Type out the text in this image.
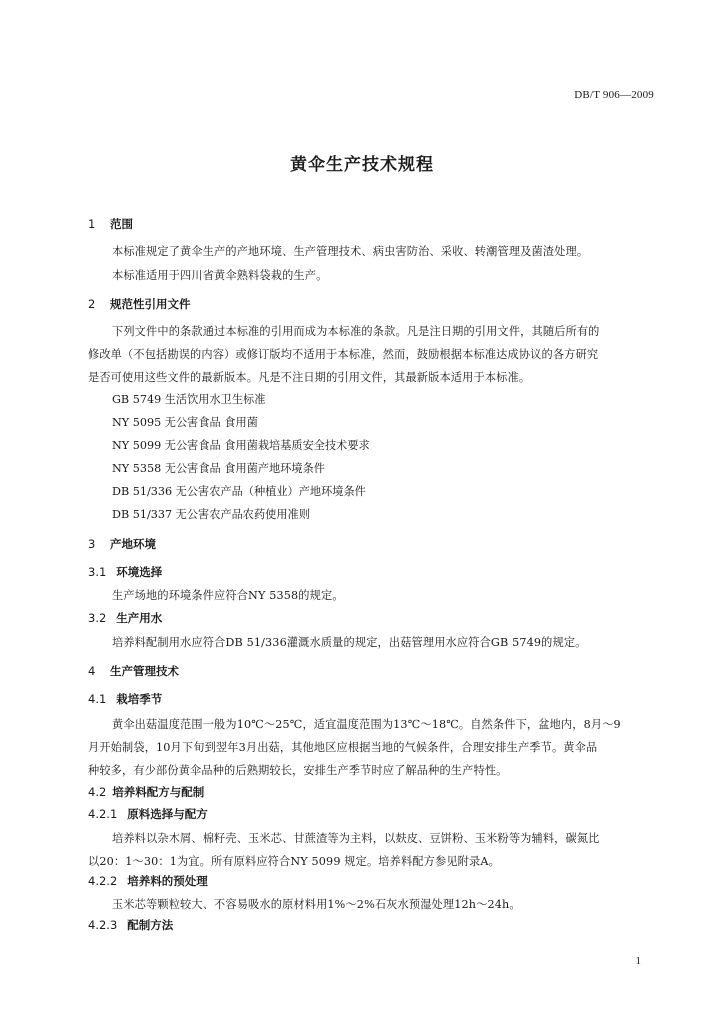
DB/T 906—2009
黄伞生产技术规程
1 范围
本标准规定了黄伞生产的产地环境、生产管理技术、病虫害防治、采收、转潮管理及菌渣处理。
本标准适用于四川省黄伞熟料袋栽的生产。
2 规范性引用文件
下列文件中的条款通过本标准的引用而成为本标准的条款。凡是注日期的引用文件，其随后所有的
修改单（不包括勘误的内容）或修订版均不适用于本标准，然而，鼓励根据本标准达成协议的各方研究
是否可使用这些文件的最新版本。凡是不注日期的引用文件，其最新版本适用于本标准。
GB 5749 生活饮用水卫生标准
NY 5095 无公害食品 食用菌
NY 5099 无公害食品 食用菌栽培基质安全技术要求
NY 5358 无公害食品 食用菌产地环境条件
DB 51/336 无公害农产品（种植业）产地环境条件
DB 51/337 无公害农产品农药使用准则
3 产地环境
3.1 环境选择
生产场地的环境条件应符合NY 5358的规定。
3.2 生产用水
培养料配制用水应符合DB 51/336灌溉水质量的规定，出菇管理用水应符合GB 5749的规定。
4 生产管理技术
4.1 栽培季节
黄伞出菇温度范围一般为10℃～25℃，适宜温度范围为13℃～18℃。自然条件下，盆地内，8月～9
月开始制袋，10月下旬到翌年3月出菇，其他地区应根据当地的气候条件，合理安排生产季节。黄伞品
种较多，有少部份黄伞品种的后熟期较长，安排生产季节时应了解品种的生产特性。
4.2 培养料配方与配制
4.2.1 原料选择与配方
培养料以杂木屑、棉籽壳、玉米芯、甘蔗渣等为主料，以麸皮、豆饼粉、玉米粉等为辅料，碳氮比
以20：1～30：1为宜。所有原料应符合NY 5099 规定。培养料配方参见附录A。
4.2.2 培养料的预处理
玉米芯等颗粒较大、不容易吸水的原材料用1%～2%石灰水预湿处理12h～24h。
4.2.3 配制方法
1
